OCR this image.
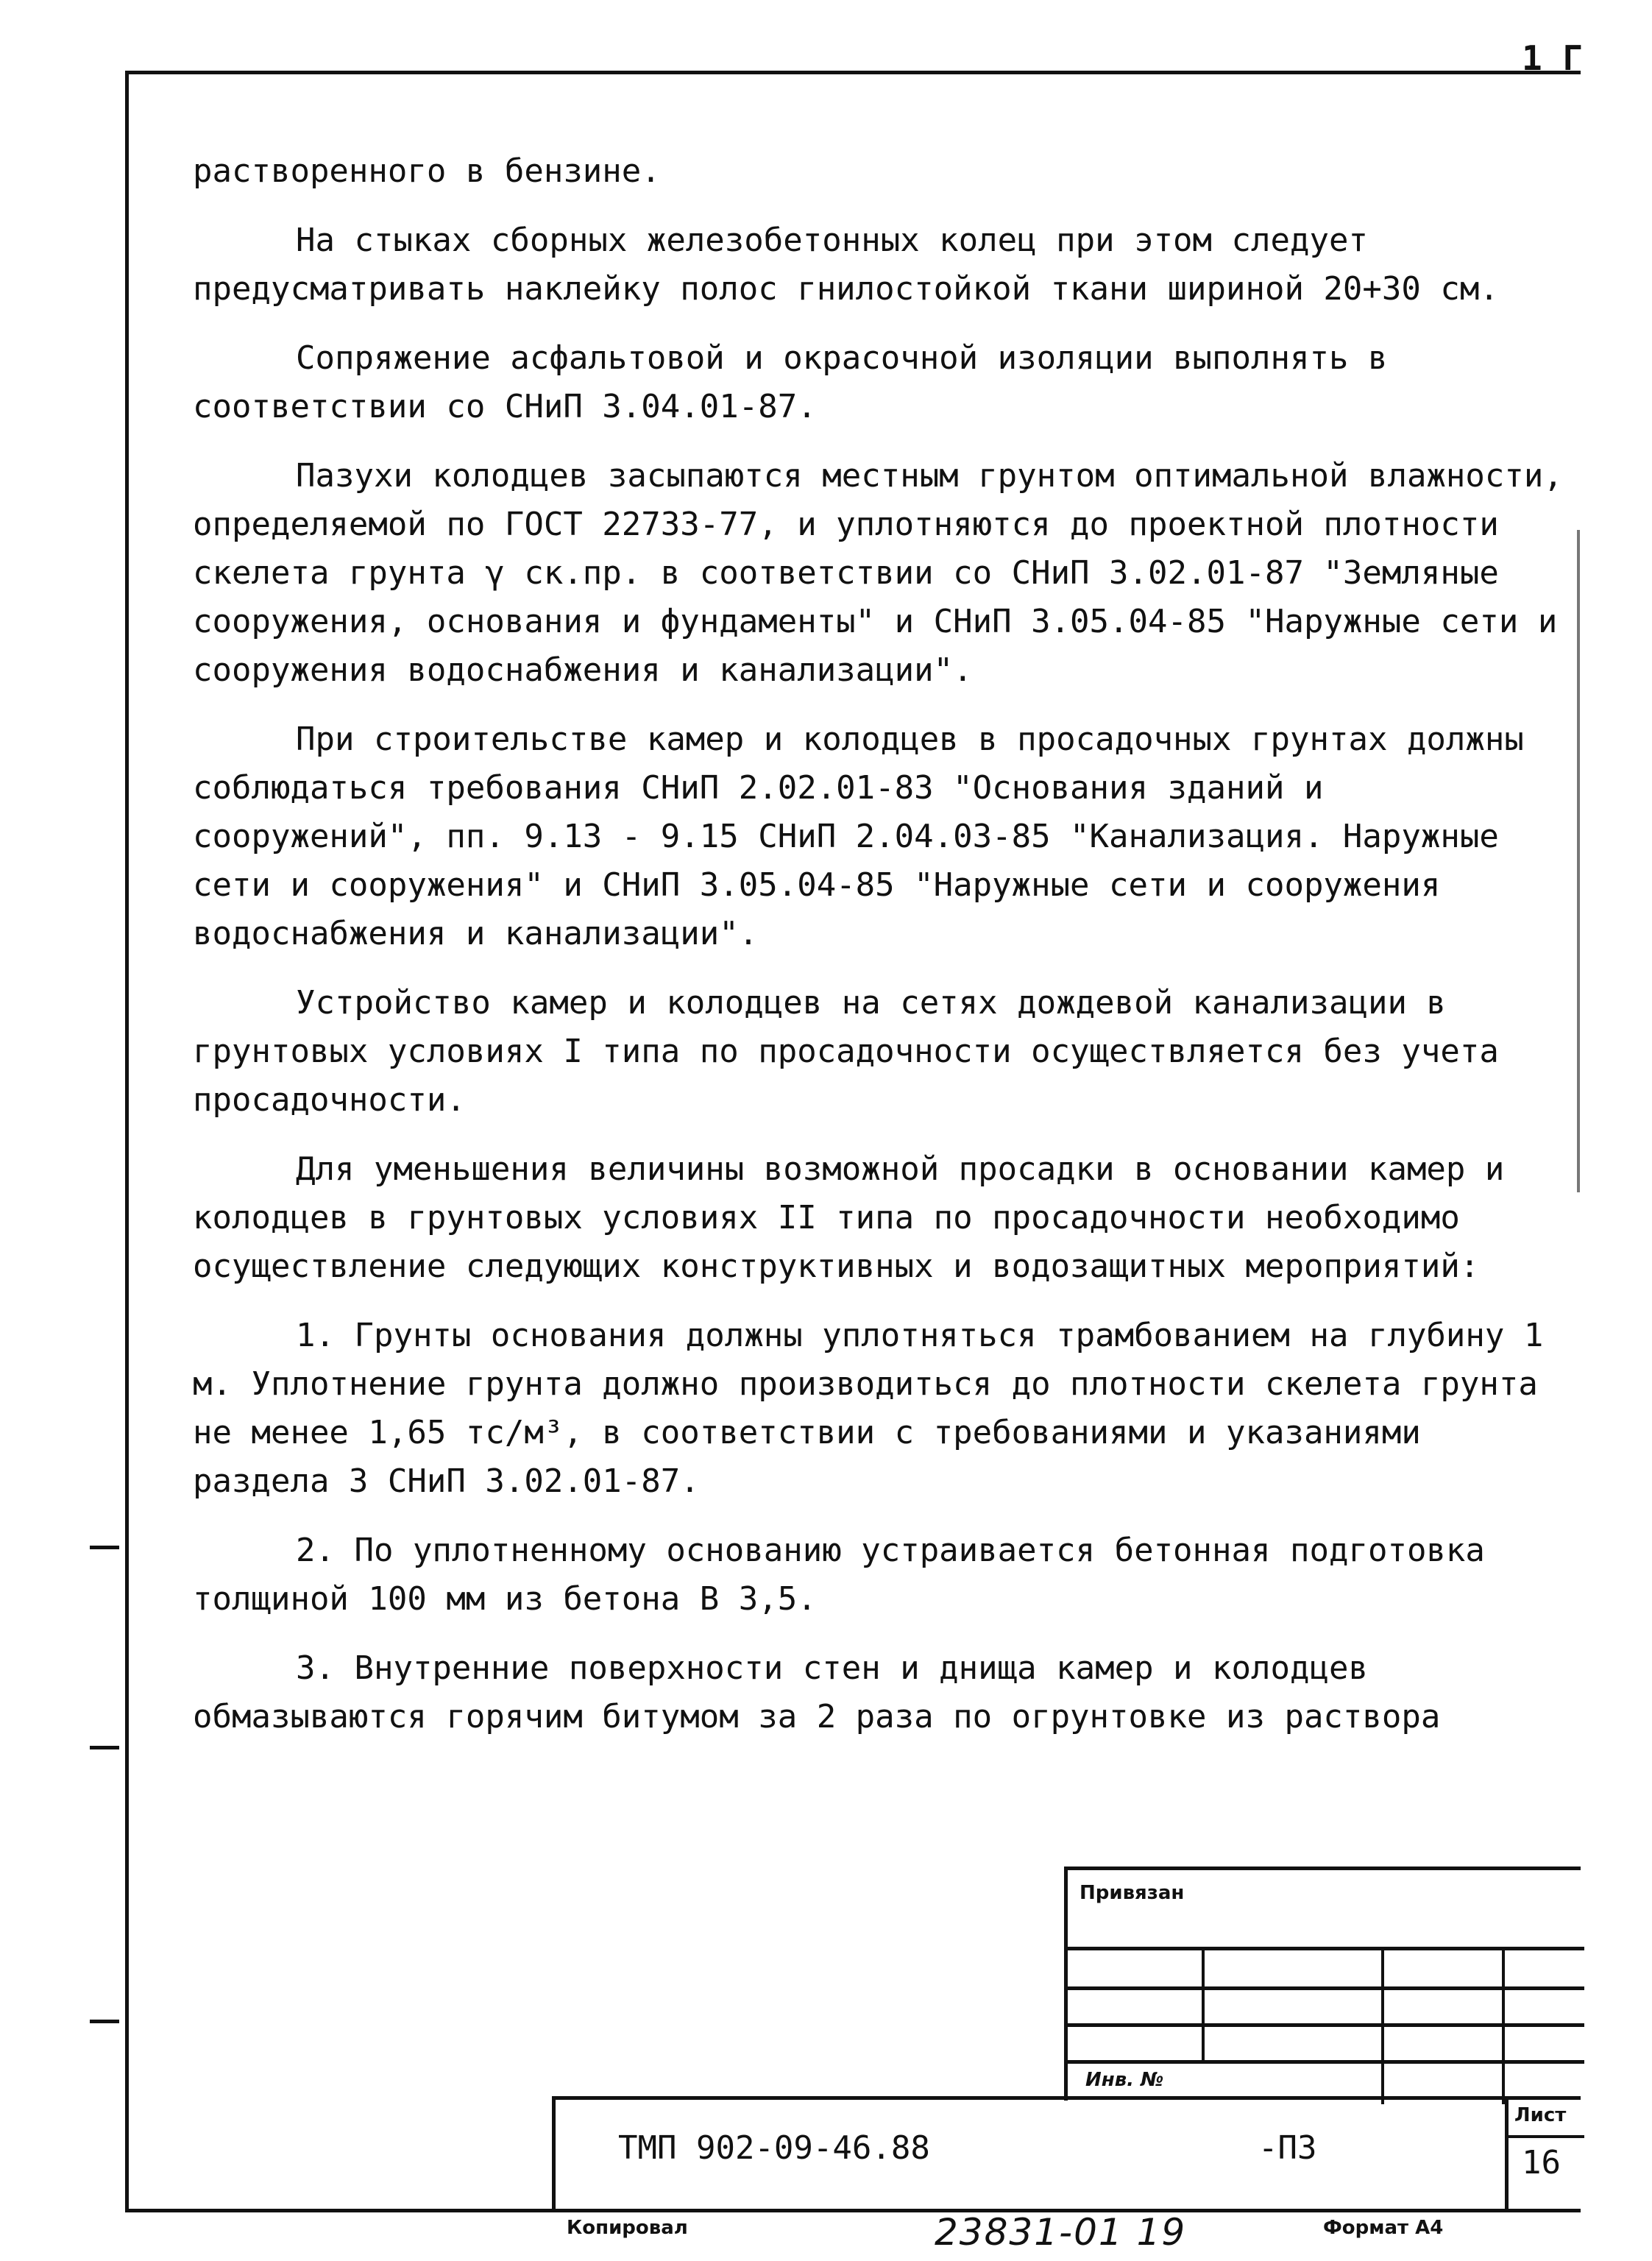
1 Г

растворенного в бензине.

На стыках сборных железобетонных колец при этом следует предусматривать наклейку полос гнилостойкой ткани шириной 20+30 см.

Сопряжение асфальтовой и окрасочной изоляции выполнять в соответствии со СНиП 3.04.01-87.

Пазухи колодцев засыпаются местным грунтом оптимальной влажности, определяемой по ГОСТ 22733-77, и уплотняются до проектной плотности скелета грунта γ ск.пр. в соответствии со СНиП 3.02.01-87 "Земляные сооружения, основания и фундаменты" и СНиП 3.05.04-85 "Наружные сети и сооружения водоснабжения и канализации".

При строительстве камер и колодцев в просадочных грунтах должны соблюдаться требования СНиП 2.02.01-83 "Основания зданий и сооружений", пп. 9.13 - 9.15 СНиП 2.04.03-85 "Канализация. Наружные сети и сооружения" и СНиП 3.05.04-85 "Наружные сети и сооружения водоснабжения и канализации".

Устройство камер и колодцев на сетях дождевой канализации в грунтовых условиях I типа по просадочности осуществляется без учета просадочности.

Для уменьшения величины возможной просадки в основании камер и колодцев в грунтовых условиях II типа по просадочности необходимо осуществление следующих конструктивных и водозащитных мероприятий:

1. Грунты основания должны уплотняться трамбованием на глубину 1 м. Уплотнение грунта должно производиться до плотности скелета грунта не менее 1,65 тс/м³, в соответствии с требованиями и указаниями раздела 3 СНиП 3.02.01-87.

2. По уплотненному основанию устраивается бетонная подготовка толщиной 100 мм из бетона В 3,5.

3. Внутренние поверхности стен и днища камер и колодцев обмазываются горячим битумом за 2 раза по огрунтовке из раствора

Привязан
Инв. №
ТМП 902-09-46.88	-ПЗ
Лист
16
Копировал	23831-01 19	Формат А4
